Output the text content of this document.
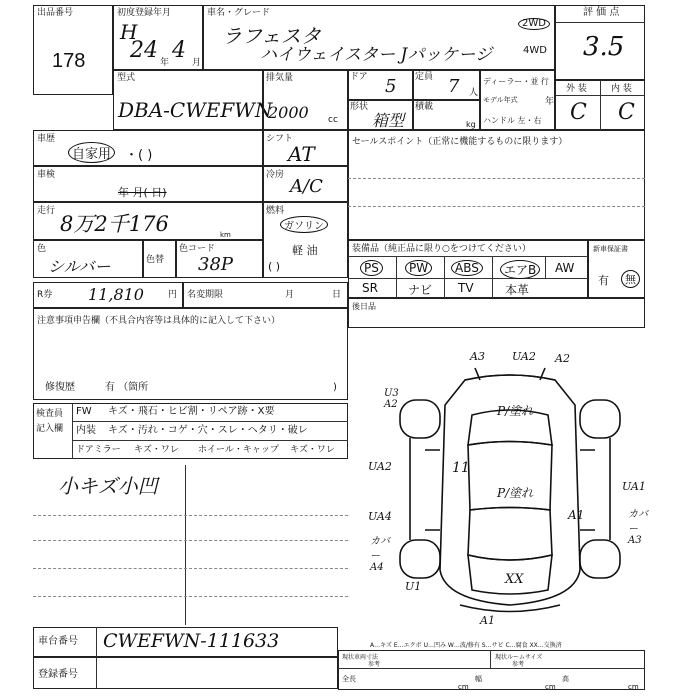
出品番号
178
初度登録年月
H
24 年 4 月
車名・グレード
ラフェスタ
ハイウェイスター Jパッケージ
2WD
4WD
評 価 点
3.5
外 装	内 装
C C
型式
DBA-CWEFWN
排気量
2000 cc
ドア 5 定員 7 人
ディーラー・並 行
モデル年式	年
ハンドル 左・右
形状
箱型
積載
kg
車歴
自家用	・( )
シフト
AT
車検
年 月( 日)
冷房
A/C
走行
8万2千176	km
燃料
ガソリン
軽 油
( )
色
シルバー	色替
色コード
38P
R券 11,810	円 名変期限	月	日
注意事項申告欄（不具合内容等は具体的に記入して下さい）
修復歴	有 （箇所	)
検査員
記入欄
FW キズ・飛石・ヒビ割・リペア跡・X要
内装 キズ・汚れ・コゲ・穴・スレ・ヘタリ・破レ
ドアミラー キズ・ワレ ホイール・キャップ キズ・ワレ
小キズ小凹
セールスポイント（正常に機能するものに限ります）
装備品（純正品に限り○をつけてください）
PS	PW	ABS	エアB	AW
SR	ナビ TV	本革
新車保証書
有	無
後日品
A3 UA2 A2
U3 A2	P/塗れ
P/塗れ
UA2	11
UA1
A1	カバー A3
UA4
カバー A4
U1	XX
A1
車台番号 CWEFWN-111633
登録番号
A…キズ E…エクボ U…凹み W…波/修有 S…サビ C…腐食 XX…交換済
現状車両寸法
参考
現状ルームサイズ
参考
全長
cm
幅
cm
高
cm
